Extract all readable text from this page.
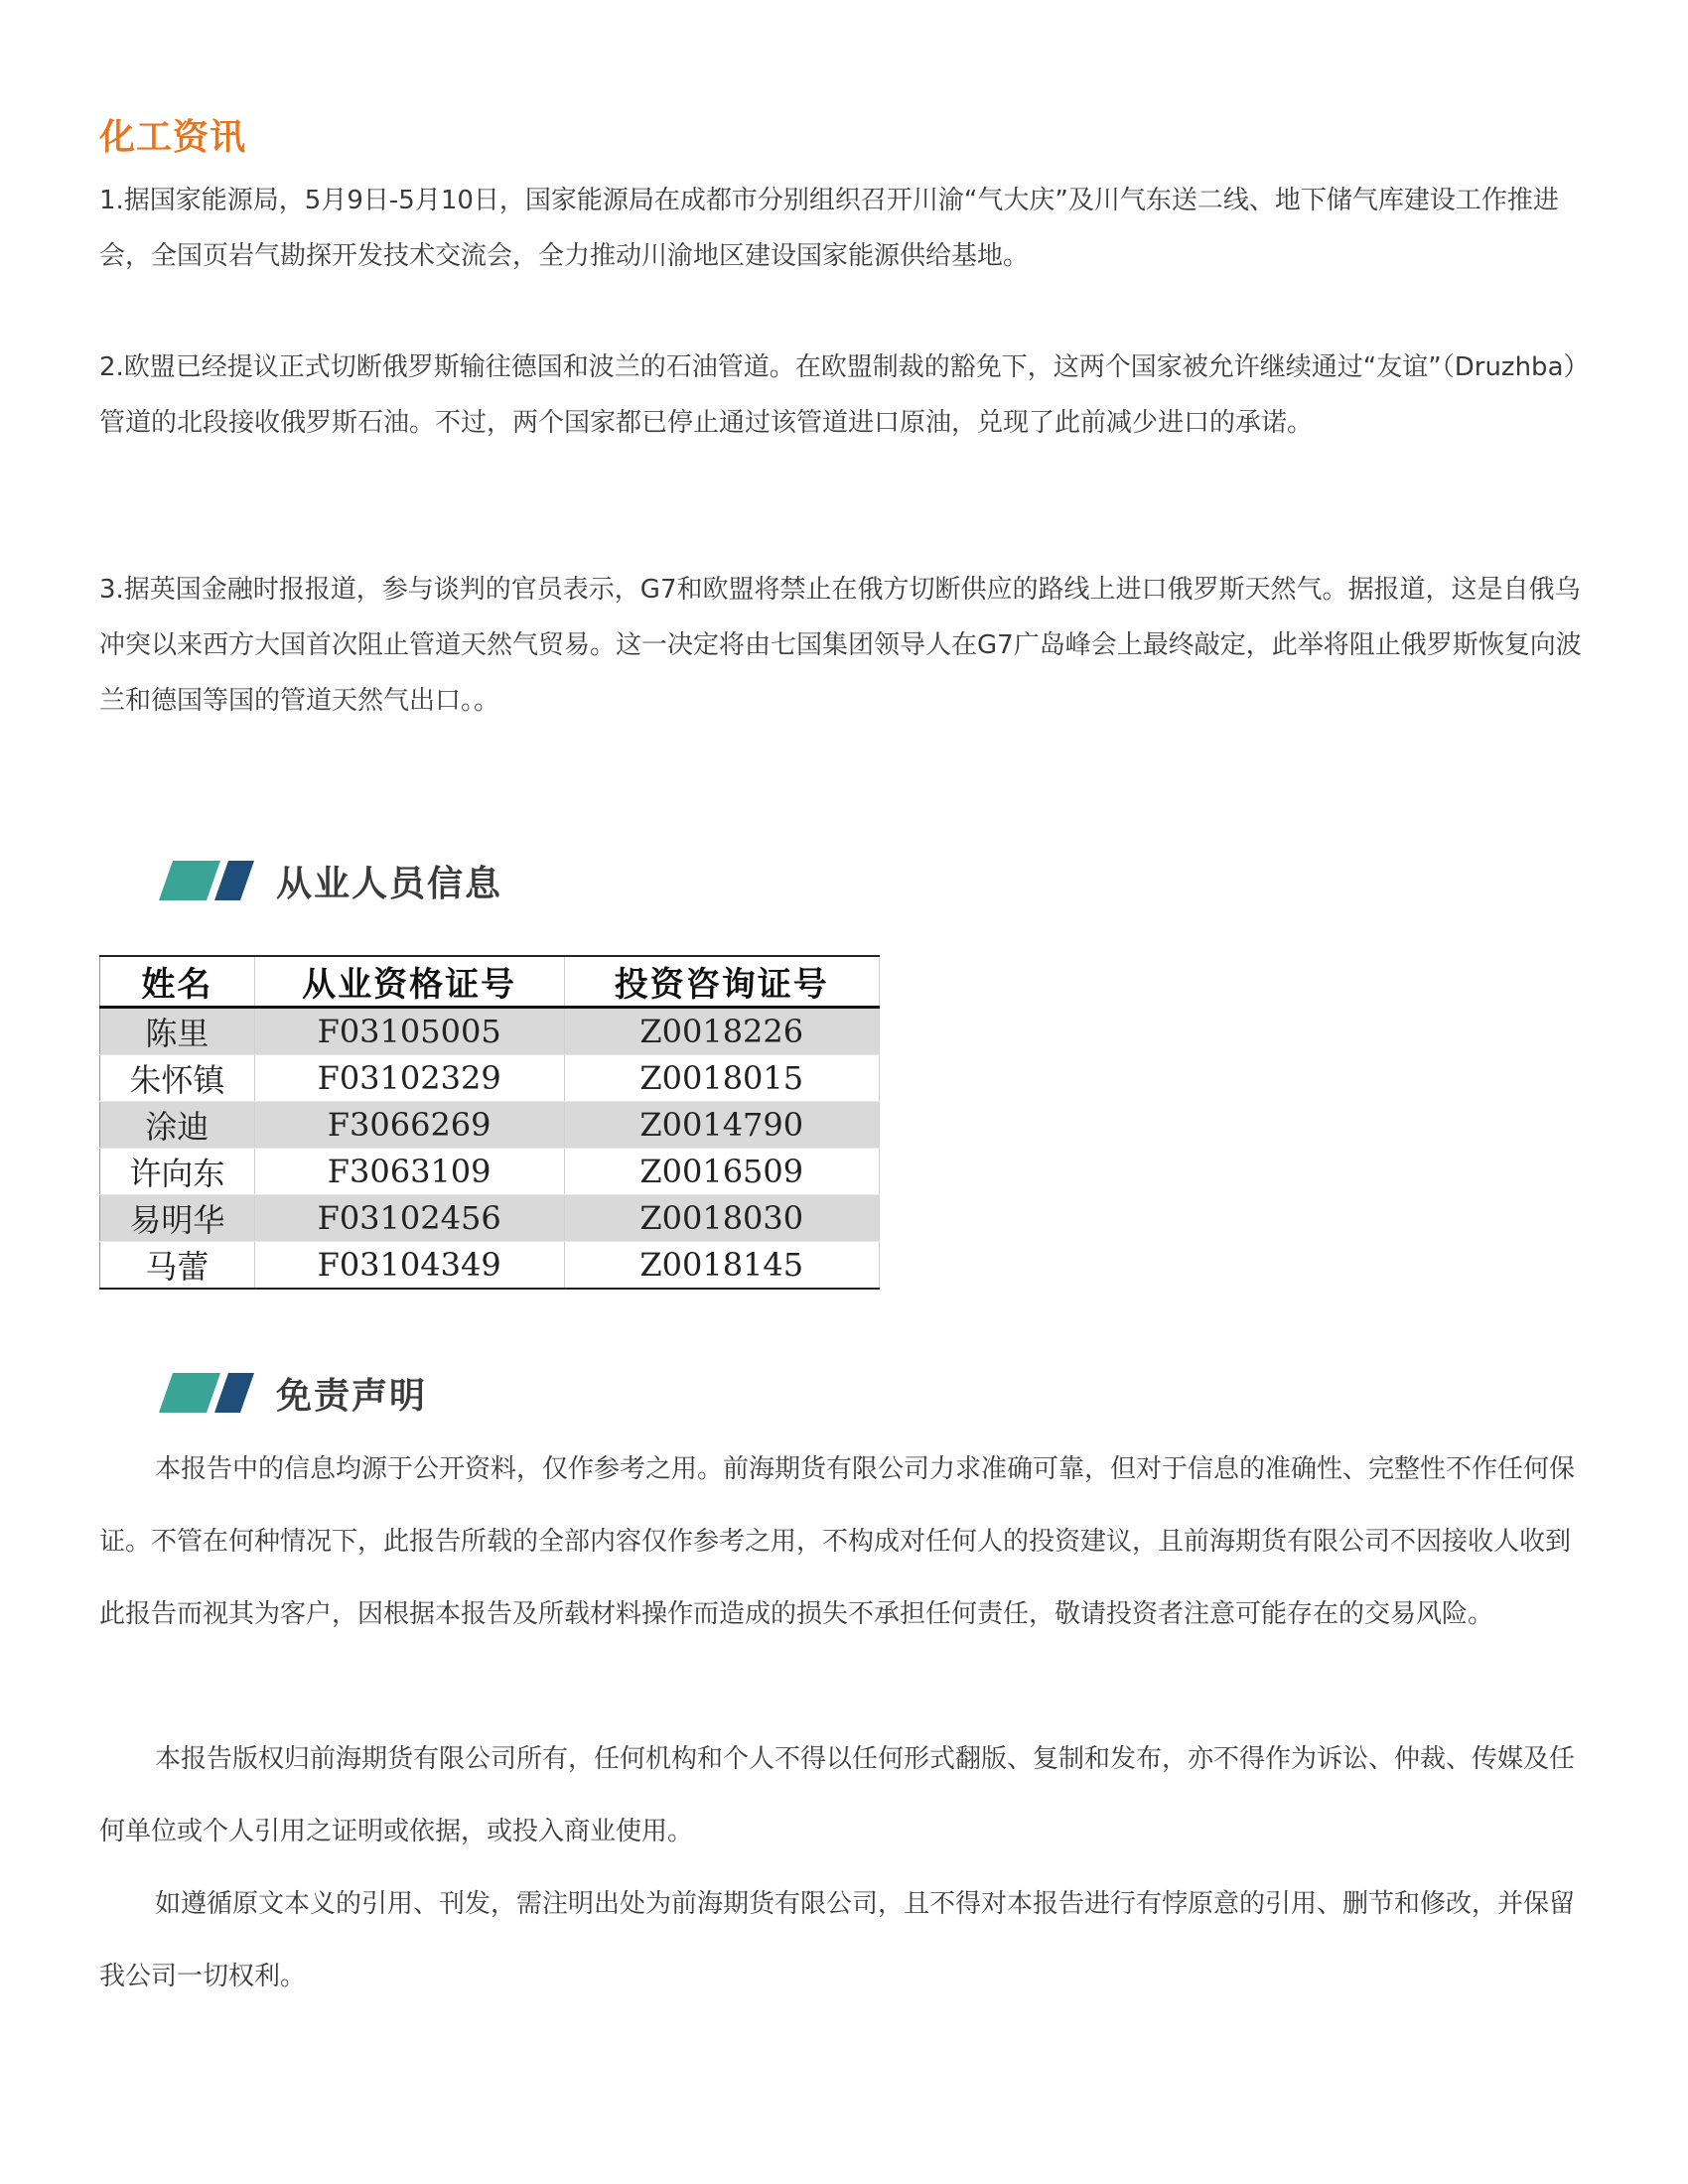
化工资讯
1.据国家能源局，5月9日-5月10日，国家能源局在成都市分别组织召开川渝“气大庆”及川气东送二线、地下储气库建设工作推进会，全国页岩气勘探开发技术交流会，全力推动川渝地区建设国家能源供给基地。
2.欧盟已经提议正式切断俄罗斯输往德国和波兰的石油管道。在欧盟制裁的豁免下，这两个国家被允许继续通过“友谊”（Druzhba）管道的北段接收俄罗斯石油。不过，两个国家都已停止通过该管道进口原油，兑现了此前减少进口的承诺。
3.据英国金融时报报道，参与谈判的官员表示，G7和欧盟将禁止在俄方切断供应的路线上进口俄罗斯天然气。据报道，这是自俄乌冲突以来西方大国首次阻止管道天然气贸易。这一决定将由七国集团领导人在G7广岛峰会上最终敲定，此举将阻止俄罗斯恢复向波兰和德国等国的管道天然气出口。。
从业人员信息
姓名	从业资格证号	投资咨询证号
陈里	F03105005	Z0018226
朱怀镇	F03102329	Z0018015
涂迪	F3066269	Z0014790
许向东	F3063109	Z0016509
易明华	F03102456	Z0018030
马蕾	F03104349	Z0018145
免责声明
本报告中的信息均源于公开资料，仅作参考之用。前海期货有限公司力求准确可靠，但对于信息的准确性、完整性不作任何保证。不管在何种情况下，此报告所载的全部内容仅作参考之用，不构成对任何人的投资建议，且前海期货有限公司不因接收人收到此报告而视其为客户，因根据本报告及所载材料操作而造成的损失不承担任何责任，敬请投资者注意可能存在的交易风险。
本报告版权归前海期货有限公司所有，任何机构和个人不得以任何形式翻版、复制和发布，亦不得作为诉讼、仲裁、传媒及任何单位或个人引用之证明或依据，或投入商业使用。
如遵循原文本义的引用、刊发，需注明出处为前海期货有限公司，且不得对本报告进行有悖原意的引用、删节和修改，并保留我公司一切权利。
